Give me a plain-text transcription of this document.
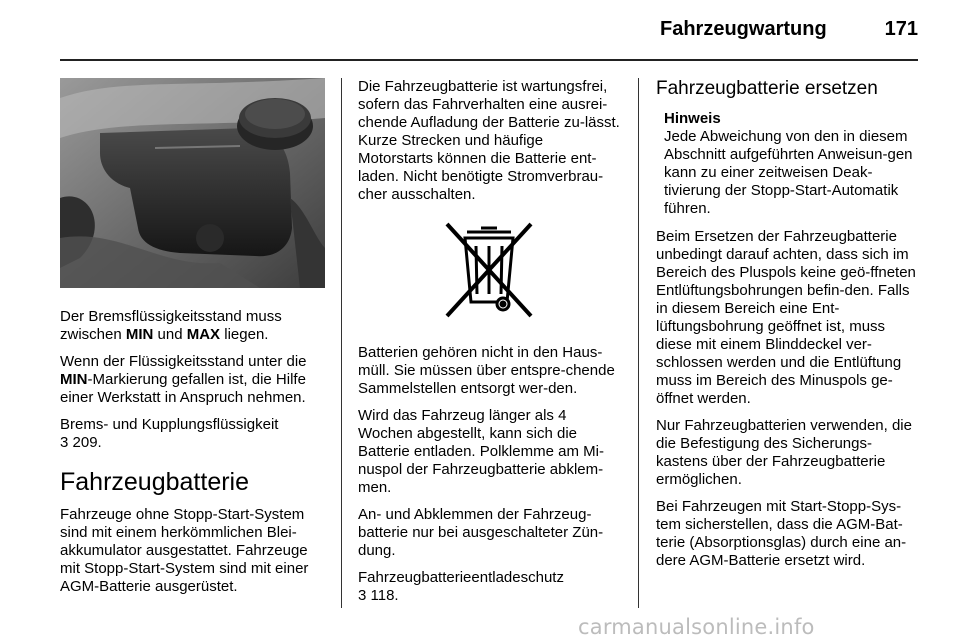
Fahrzeugwartung	171

Der Bremsflüssigkeitsstand muss zwischen MIN und MAX liegen.

Wenn der Flüssigkeitsstand unter die MIN-Markierung gefallen ist, die Hilfe einer Werkstatt in Anspruch nehmen.

Brems- und Kupplungsflüssigkeit
3 209.

Fahrzeugbatterie

Fahrzeuge ohne Stopp-Start-System sind mit einem herkömmlichen Blei-akkumulator ausgestattet. Fahrzeuge mit Stopp-Start-System sind mit einer AGM-Batterie ausgerüstet.

Die Fahrzeugbatterie ist wartungsfrei, sofern das Fahrverhalten eine ausrei-chende Aufladung der Batterie zu-lässt. Kurze Strecken und häufige Motorstarts können die Batterie ent-laden. Nicht benötigte Stromverbrau-cher ausschalten.

Batterien gehören nicht in den Haus-müll. Sie müssen über entspre-chende Sammelstellen entsorgt wer-den.

Wird das Fahrzeug länger als 4 Wochen abgestellt, kann sich die Batterie entladen. Polklemme am Mi-nuspol der Fahrzeugbatterie abklem-men.

An- und Abklemmen der Fahrzeug-batterie nur bei ausgeschalteter Zün-dung.

Fahrzeugbatterieentladeschutz
3 118.

Fahrzeugbatterie ersetzen
Hinweis
Jede Abweichung von den in diesem Abschnitt aufgeführten Anweisun-gen kann zu einer zeitweisen Deak-tivierung der Stopp-Start-Automatik führen.

Beim Ersetzen der Fahrzeugbatterie unbedingt darauf achten, dass sich im Bereich des Pluspols keine geö-ffneten Entlüftungsbohrungen befin-den. Falls in diesem Bereich eine Ent-lüftungsbohrung geöffnet ist, muss diese mit einem Blinddeckel ver-schlossen werden und die Entlüftung muss im Bereich des Minuspols ge-öffnet werden.

Nur Fahrzeugbatterien verwenden, die die Befestigung des Sicherungs-kastens über der Fahrzeugbatterie ermöglichen.

Bei Fahrzeugen mit Start-Stopp-Sys-tem sicherstellen, dass die AGM-Bat-terie (Absorptionsglas) durch eine an-dere AGM-Batterie ersetzt wird.

carmanualsonline.info
